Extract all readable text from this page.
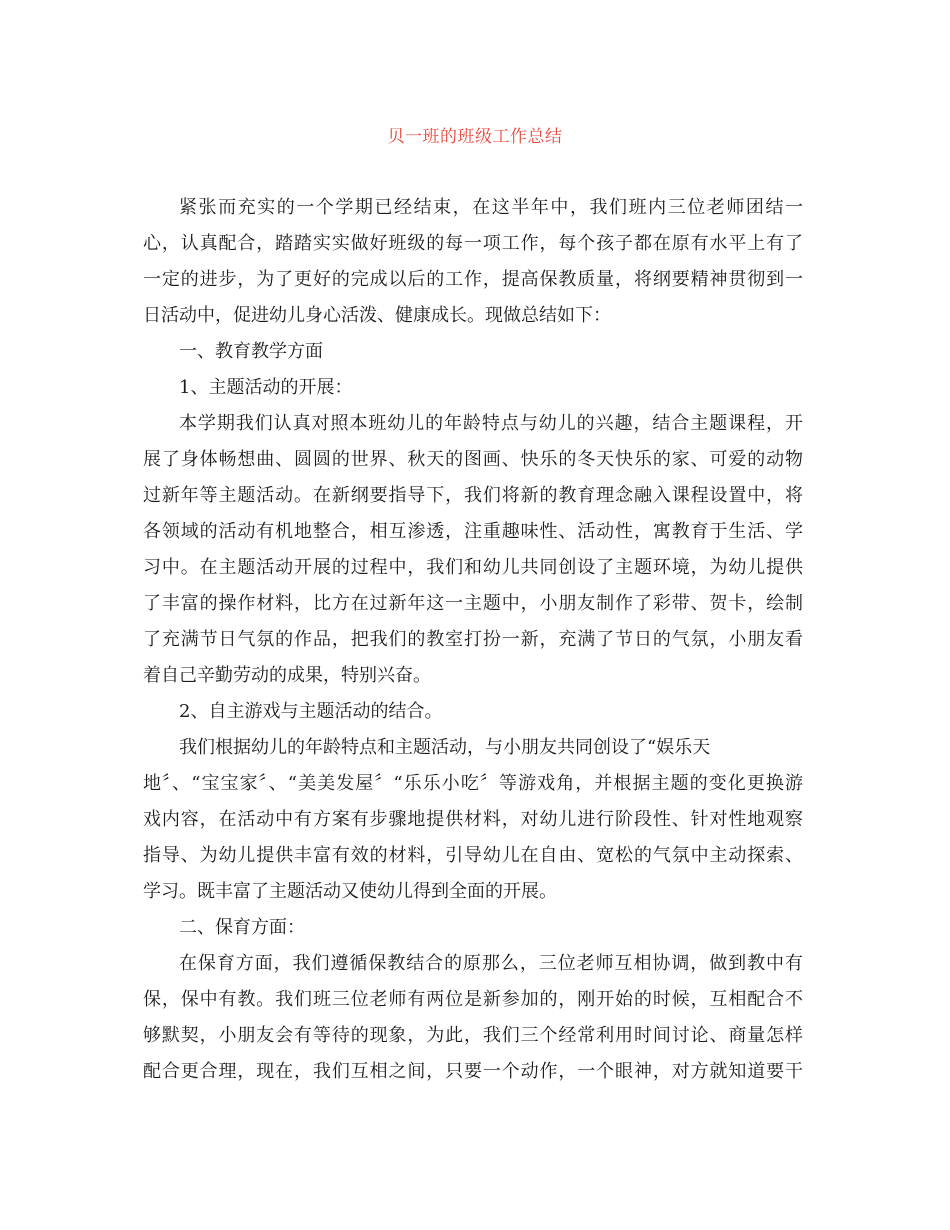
贝一班的班级工作总结
紧张而充实的一个学期已经结束，在这半年中，我们班内三位老师团结一
心，认真配合，踏踏实实做好班级的每一项工作，每个孩子都在原有水平上有了
一定的进步，为了更好的完成以后的工作，提高保教质量，将纲要精神贯彻到一
日活动中，促进幼儿身心活泼、健康成长。现做总结如下：
一、教育教学方面
1、主题活动的开展：
本学期我们认真对照本班幼儿的年龄特点与幼儿的兴趣，结合主题课程，开
展了身体畅想曲、圆圆的世界、秋天的图画、快乐的冬天快乐的家、可爱的动物
过新年等主题活动。在新纲要指导下，我们将新的教育理念融入课程设置中，将
各领域的活动有机地整合，相互渗透，注重趣味性、活动性，寓教育于生活、学
习中。在主题活动开展的过程中，我们和幼儿共同创设了主题环境，为幼儿提供
了丰富的操作材料，比方在过新年这一主题中，小朋友制作了彩带、贺卡，绘制
了充满节日气氛的作品，把我们的教室打扮一新，充满了节日的气氛，小朋友看
着自己辛勤劳动的成果，特别兴奋。
2、自主游戏与主题活动的结合。
我们根据幼儿的年龄特点和主题活动，与小朋友共同创设了“娱乐天
地〞、“宝宝家〞、“美美发屋〞“乐乐小吃〞等游戏角，并根据主题的变化更换游
戏内容，在活动中有方案有步骤地提供材料，对幼儿进行阶段性、针对性地观察
指导、为幼儿提供丰富有效的材料，引导幼儿在自由、宽松的气氛中主动探索、
学习。既丰富了主题活动又使幼儿得到全面的开展。
二、保育方面：
在保育方面，我们遵循保教结合的原那么，三位老师互相协调，做到教中有
保，保中有教。我们班三位老师有两位是新参加的，刚开始的时候，互相配合不
够默契，小朋友会有等待的现象，为此，我们三个经常利用时间讨论、商量怎样
配合更合理，现在，我们互相之间，只要一个动作，一个眼神，对方就知道要干
